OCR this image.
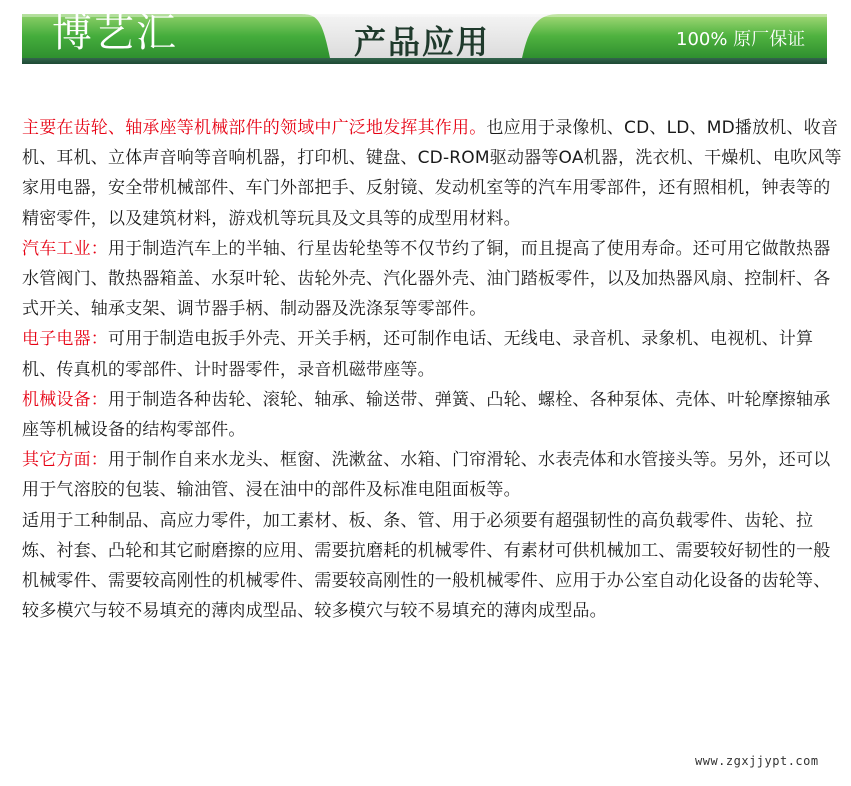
博艺汇	产品应用	100% 原厂保证

主要在齿轮、轴承座等机械部件的领域中广泛地发挥其作用。也应用于录像机、CD、LD、MD播放机、收音机、耳机、立体声音响等音响机器，打印机、键盘、CD-ROM驱动器等OA机器，洗衣机、干燥机、电吹风等家用电器，安全带机械部件、车门外部把手、反射镜、发动机室等的汽车用零部件，还有照相机，钟表等的精密零件，以及建筑材料，游戏机等玩具及文具等的成型用材料。

汽车工业：用于制造汽车上的半轴、行星齿轮垫等不仅节约了铜，而且提高了使用寿命。还可用它做散热器水管阀门、散热器箱盖、水泵叶轮、齿轮外壳、汽化器外壳、油门踏板零件，以及加热器风扇、控制杆、各式开关、轴承支架、调节器手柄、制动器及洗涤泵等零部件。

电子电器：可用于制造电扳手外壳、开关手柄，还可制作电话、无线电、录音机、录象机、电视机、计算机、传真机的零部件、计时器零件，录音机磁带座等。

机械设备：用于制造各种齿轮、滚轮、轴承、输送带、弹簧、凸轮、螺栓、各种泵体、壳体、叶轮摩擦轴承座等机械设备的结构零部件。

其它方面：用于制作自来水龙头、框窗、洗漱盆、水箱、门帘滑轮、水表壳体和水管接头等。另外，还可以用于气溶胶的包装、输油管、浸在油中的部件及标准电阻面板等。

适用于工种制品、高应力零件，加工素材、板、条、管、用于必须要有超强韧性的高负载零件、齿轮、拉炼、衬套、凸轮和其它耐磨擦的应用、需要抗磨耗的机械零件、有素材可供机械加工、需要较好韧性的一般机械零件、需要较高刚性的机械零件、需要较高刚性的一般机械零件、应用于办公室自动化设备的齿轮等、较多模穴与较不易填充的薄肉成型品、较多模穴与较不易填充的薄肉成型品。

www.zgxjjypt.com
